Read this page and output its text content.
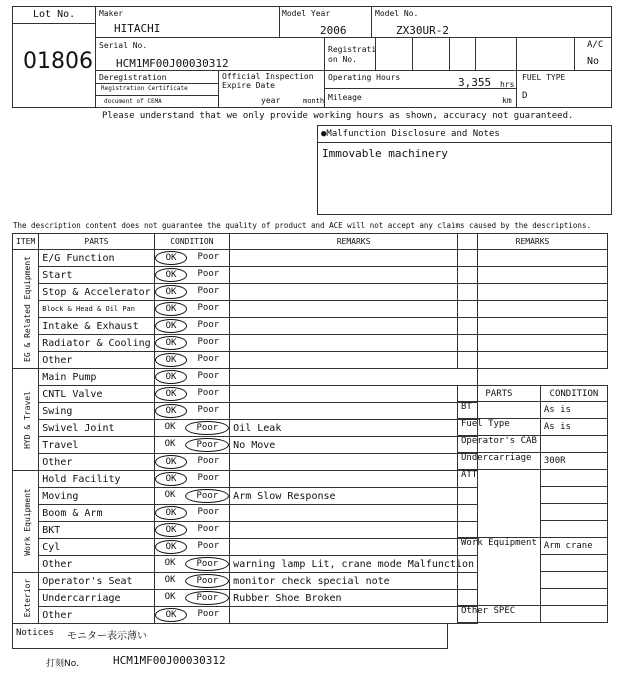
Lot No.
01806
Maker
HITACHI
Model Year
2006
Model No.
ZX30UR-2
Serial No.
HCM1MF00J00030312
Registrati on No.
A/C
No
Deregistration
Registration Certificate
document of CEMA
Official Inspection Expire Date
year	month
Operating Hours	3,355 hrs
Mileage	km
FUEL TYPE
D
Please understand that we only provide working hours as shown, accuracy not guaranteed.
●Malfunction Disclosure and Notes
Immovable machinery
The description content does not guarantee the quality of product and ACE will not accept any claims caused by the descriptions.
ITEM	PARTS	CONDITION	REMARKS

EG & Related Equipment	E/G Function	OK Poor	

	Start	OK Poor	

	Stop & Accelerator	OK Poor	

	Block & Head & Oil Pan	OK Poor	

	Intake & Exhaust	OK Poor	

	Radiator & Cooling	OK Poor	

	Other	OK Poor	

HYD & Travel	Main Pump	OK Poor	

	CNTL Valve	OK Poor	

	Swing	OK Poor	

	Swivel Joint	OK Poor	Oil Leak
	Travel	OK Poor	No Move
	Other	OK Poor	

Work Equipment	Hold Facility	OK Poor	

	Moving	OK Poor	Arm Slow Response
	Boom & Arm	OK Poor	

	BKT	OK Poor	

	Cyl	OK Poor	

	Other	OK Poor	warning lamp Lit, crane mode Malfunction

Exterior	Operator's Seat	OK Poor	monitor check special note
	Undercarriage	OK Poor	Rubber Shoe Broken
	Other	OK Poor	

REMARKS

PARTS	CONDITION
BT	As is
Fuel Type	As is
Operator's CAB	
Undercarriage	300R
ATT	

Work Equipment	Arm crane

Other SPEC	
Notices モニター表示薄い
打刻No.	HCM1MF00J00030312
